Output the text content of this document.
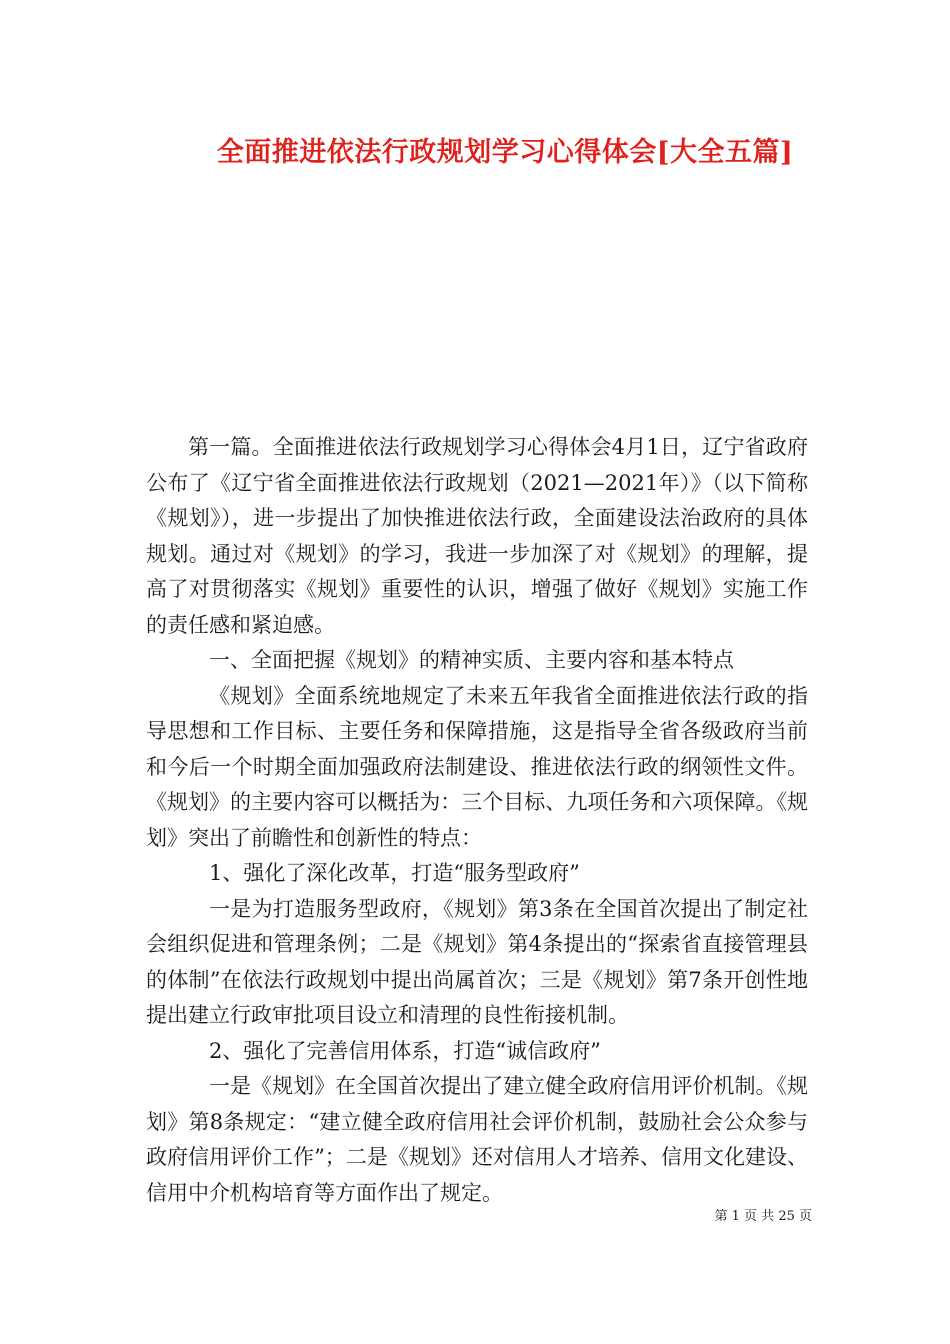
全面推进依法行政规划学习心得体会[大全五篇]

第一篇。全面推进依法行政规划学习心得体会4月1日，辽宁省政府公布了《辽宁省全面推进依法行政规划（2021—2021年）》（以下简称《规划》），进一步提出了加快推进依法行政，全面建设法治政府的具体规划。通过对《规划》的学习，我进一步加深了对《规划》的理解，提高了对贯彻落实《规划》重要性的认识，增强了做好《规划》实施工作的责任感和紧迫感。

一、全面把握《规划》的精神实质、主要内容和基本特点

《规划》全面系统地规定了未来五年我省全面推进依法行政的指导思想和工作目标、主要任务和保障措施，这是指导全省各级政府当前和今后一个时期全面加强政府法制建设、推进依法行政的纲领性文件。《规划》的主要内容可以概括为：三个目标、九项任务和六项保障。《规划》突出了前瞻性和创新性的特点：

1、强化了深化改革，打造“服务型政府”

一是为打造服务型政府，《规划》第3条在全国首次提出了制定社会组织促进和管理条例；二是《规划》第4条提出的“探索省直接管理县的体制”在依法行政规划中提出尚属首次；三是《规划》第7条开创性地提出建立行政审批项目设立和清理的良性衔接机制。

2、强化了完善信用体系，打造“诚信政府”

一是《规划》在全国首次提出了建立健全政府信用评价机制。《规划》第8条规定：“建立健全政府信用社会评价机制，鼓励社会公众参与政府信用评价工作”；二是《规划》还对信用人才培养、信用文化建设、信用中介机构培育等方面作出了规定。

第 1 页 共 25 页
